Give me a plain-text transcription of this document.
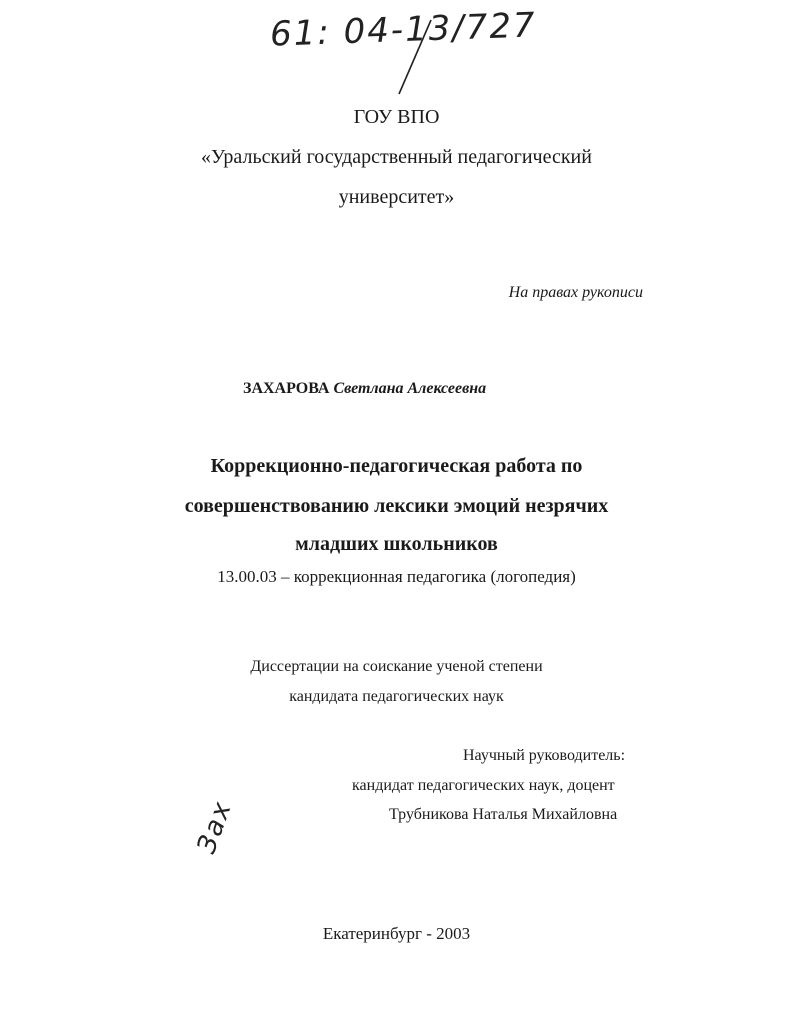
61: 04-13/727

ГОУ ВПО

«Уральский государственный педагогический

университет»

На правах рукописи

ЗАХАРОВА Светлана Алексеевна

Коррекционно-педагогическая работа по

совершенствованию лексики эмоций незрячих

младших школьников

13.00.03 – коррекционная педагогика (логопедия)

Диссертации на соискание ученой степени

кандидата педагогических наук

Научный руководитель:

кандидат педагогических наук, доцент

Трубникова Наталья Михайловна

Зах

Екатеринбург - 2003
